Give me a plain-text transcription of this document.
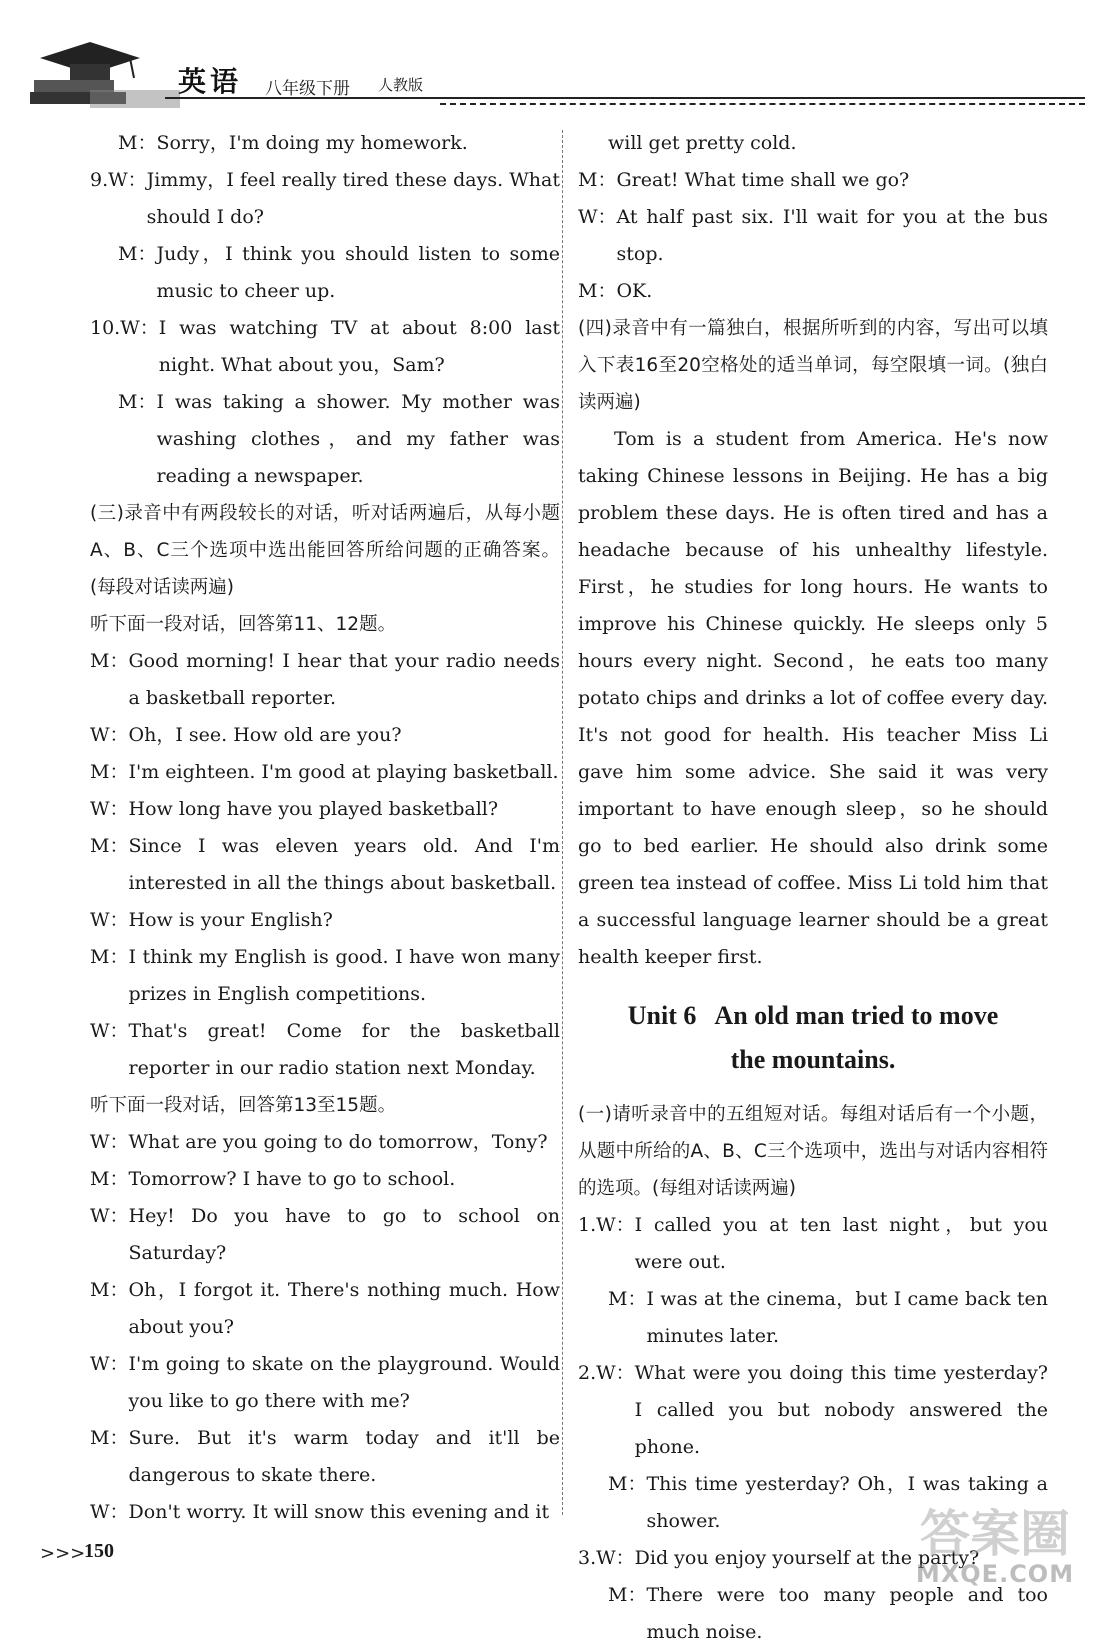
英语 八年级下册 人教版
M： Sorry，I'm doing my homework.
9. W： Jimmy，I feel really tired these days. What should I do?
M： Judy，I think you should listen to some music to cheer up.
10. W： I was watching TV at about 8:00 last night. What about you，Sam?
M： I was taking a shower. My mother was washing clothes，and my father was reading a newspaper.
(三)录音中有两段较长的对话，听对话两遍后，从每小题A、B、C三个选项中选出能回答所给问题的正确答案。(每段对话读两遍)
听下面一段对话，回答第11、12题。
M： Good morning! I hear that your radio needs a basketball reporter.
W： Oh，I see. How old are you?
M： I'm eighteen. I'm good at playing basketball.
W： How long have you played basketball?
M： Since I was eleven years old. And I'm interested in all the things about basketball.
W： How is your English?
M： I think my English is good. I have won many prizes in English competitions.
W： That's great! Come for the basketball reporter in our radio station next Monday.
听下面一段对话，回答第13至15题。
W： What are you going to do tomorrow，Tony?
M： Tomorrow? I have to go to school.
W： Hey! Do you have to go to school on Saturday?
M： Oh，I forgot it. There's nothing much. How about you?
W： I'm going to skate on the playground. Would you like to go there with me?
M： Sure. But it's warm today and it'll be dangerous to skate there.
W： Don't worry. It will snow this evening and it
will get pretty cold.
M： Great! What time shall we go?
W： At half past six. I'll wait for you at the bus stop.
M： OK.
(四)录音中有一篇独白，根据所听到的内容，写出可以填入下表16至20空格处的适当单词，每空限填一词。(独白读两遍)
Tom is a student from America. He's now taking Chinese lessons in Beijing. He has a big problem these days. He is often tired and has a headache because of his unhealthy lifestyle. First，he studies for long hours. He wants to improve his Chinese quickly. He sleeps only 5 hours every night. Second，he eats too many potato chips and drinks a lot of coffee every day. It's not good for health. His teacher Miss Li gave him some advice. She said it was very important to have enough sleep，so he should go to bed earlier. He should also drink some green tea instead of coffee. Miss Li told him that a successful language learner should be a great health keeper first.
Unit 6   An old man tried to move
the mountains.
(一)请听录音中的五组短对话。每组对话后有一个小题，从题中所给的A、B、C三个选项中，选出与对话内容相符的选项。(每组对话读两遍)
1. W： I called you at ten last night，but you were out.
M： I was at the cinema，but I came back ten minutes later.
2. W： What were you doing this time yesterday? I called you but nobody answered the phone.
M： This time yesterday? Oh，I was taking a shower.
3. W： Did you enjoy yourself at the party?
M： There were too many people and too much noise.
>>>
150	答案圈
MXQE.COM
